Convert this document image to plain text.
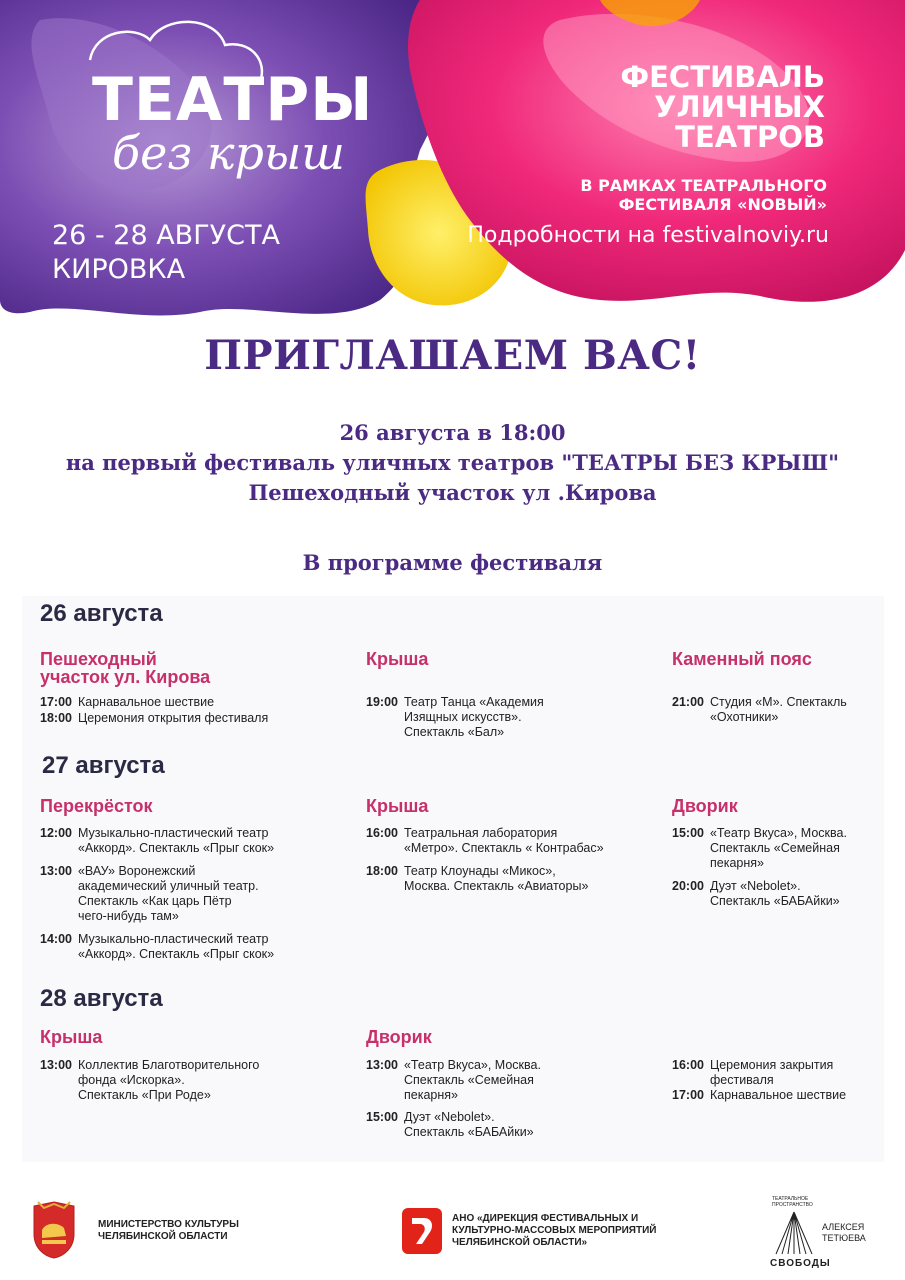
ТЕАТРЫ
без крыш
26 - 28 АВГУСТА
КИРОВКА
ФЕСТИВАЛЬ УЛИЧНЫХ ТЕАТРОВ
В РАМКАХ ТЕАТРАЛЬНОГО ФЕСТИВАЛЯ «NОВЫЙ»
Подробности на festivalnoviy.ru
ПРИГЛАШАЕМ ВАС!
26 августа в 18:00
на первый фестиваль уличных театров "ТЕАТРЫ БЕЗ КРЫШ"
Пешеходный участок ул .Кирова
В программе фестиваля
26 августа
Пешеходный
участок ул. Кирова
17:00 Карнавальное шествие
18:00 Церемония открытия фестиваля
Крыша
19:00 Театр Танца «Академия
Изящных искусств».
Спектакль «Бал»
Каменный пояс
21:00 Студия «М». Спектакль
«Охотники»
27 августа
Перекрёсток
12:00 Музыкально-пластический театр
«Аккорд». Спектакль «Прыг скок»
13:00 «ВАУ» Воронежский
академический уличный театр.
Спектакль «Как царь Пётр
чего-нибудь там»
14:00 Музыкально-пластический театр
«Аккорд». Спектакль «Прыг скок»
Крыша
16:00 Театральная лаборатория
«Метро». Спектакль « Контрабас»
18:00 Театр Клоунады «Микос»,
Москва. Спектакль «Авиаторы»
Дворик
15:00 «Театр Вкуса», Москва.
Спектакль «Семейная
пекарня»
20:00 Дуэт «Nebolet».
Спектакль «БАБАйки»
28 августа
Крыша
13:00 Коллектив Благотворительного
фонда «Искорка».
Спектакль «При Роде»
Дворик
13:00 «Театр Вкуса», Москва.
Спектакль «Семейная
пекарня»
15:00 Дуэт «Nebolet».
Спектакль «БАБАйки»
16:00 Церемония закрытия
фестиваля
17:00 Карнавальное шествие
МИНИСТЕРСТВО КУЛЬТУРЫ
ЧЕЛЯБИНСКОЙ ОБЛАСТИ
АНО «ДИРЕКЦИЯ ФЕСТИВАЛЬНЫХ И
КУЛЬТУРНО-МАССОВЫХ МЕРОПРИЯТИЙ
ЧЕЛЯБИНСКОЙ ОБЛАСТИ»
ТЕАТРАЛЬНОЕ
ПРОСТРАНСТВО
АЛЕКСЕЯ
ТЕТЮЕВА
СВОБОДЫ
